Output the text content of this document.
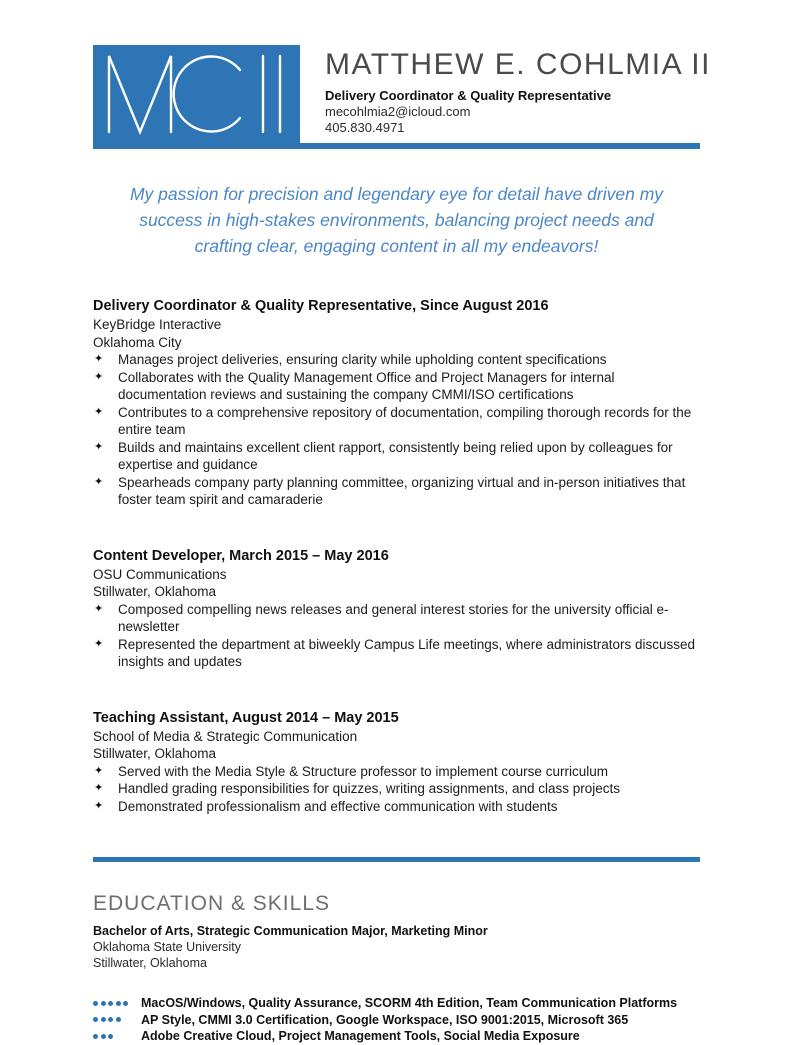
MATTHEW E. COHLMIA II
Delivery Coordinator & Quality Representative
mecohlmia2@icloud.com
405.830.4971
My passion for precision and legendary eye for detail have driven my
success in high-stakes environments, balancing project needs and
crafting clear, engaging content in all my endeavors!
Delivery Coordinator & Quality Representative, Since August 2016
KeyBridge Interactive
Oklahoma City
✦ Manages project deliveries, ensuring clarity while upholding content specifications
✦ Collaborates with the Quality Management Office and Project Managers for internal documentation reviews and sustaining the company CMMI/ISO certifications
✦ Contributes to a comprehensive repository of documentation, compiling thorough records for the entire team
✦ Builds and maintains excellent client rapport, consistently being relied upon by colleagues for expertise and guidance
✦ Spearheads company party planning committee, organizing virtual and in-person initiatives that foster team spirit and camaraderie
Content Developer, March 2015 – May 2016
OSU Communications
Stillwater, Oklahoma
✦ Composed compelling news releases and general interest stories for the university official e-newsletter
✦ Represented the department at biweekly Campus Life meetings, where administrators discussed insights and updates
Teaching Assistant, August 2014 – May 2015
School of Media & Strategic Communication
Stillwater, Oklahoma
✦ Served with the Media Style & Structure professor to implement course curriculum
✦ Handled grading responsibilities for quizzes, writing assignments, and class projects
✦ Demonstrated professionalism and effective communication with students
EDUCATION & SKILLS
Bachelor of Arts, Strategic Communication Major, Marketing Minor
Oklahoma State University
Stillwater, Oklahoma
MacOS/Windows, Quality Assurance, SCORM 4th Edition, Team Communication Platforms
AP Style, CMMI 3.0 Certification, Google Workspace, ISO 9001:2015, Microsoft 365
Adobe Creative Cloud, Project Management Tools, Social Media Exposure
